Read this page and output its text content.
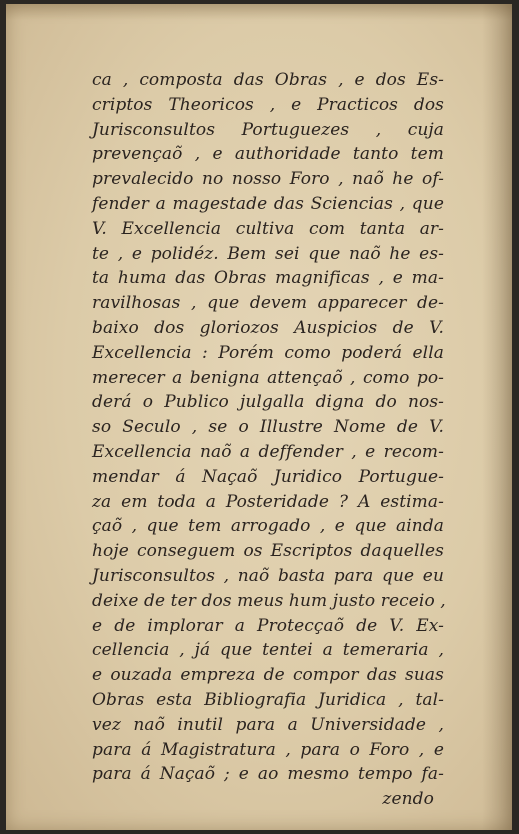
ca , composta das Obras , e dos Es-
criptos Theoricos , e Practicos dos
Jurisconsultos Portuguezes , cuja
prevençaõ , e authoridade tanto tem
prevalecido no nosso Foro , naõ he of-
fender a magestade das Sciencias , que
V. Excellencia cultiva com tanta ar-
te , e polidéz. Bem sei que naõ he es-
ta huma das Obras magnificas , e ma-
ravilhosas , que devem apparecer de-
baixo dos gloriozos Auspicios de V.
Excellencia : Porém como poderá ella
merecer a benigna attençaõ , como po-
derá o Publico julgalla digna do nos-
so Seculo , se o Illustre Nome de V.
Excellencia naõ a deffender , e recom-
mendar á Naçaõ Juridico Portugue-
za em toda a Posteridade ? A estima-
çaõ , que tem arrogado , e que ainda
hoje conseguem os Escriptos daquelles
Jurisconsultos , naõ basta para que eu
deixe de ter dos meus hum justo receio ,
e de implorar a Protecçaõ de V. Ex-
cellencia , já que tentei a temeraria ,
e ouzada empreza de compor das suas
Obras esta Bibliografia Juridica , tal-
vez naõ inutil para a Universidade ,
para á Magistratura , para o Foro , e
para á Naçaõ ; e ao mesmo tempo fa-
zendo
